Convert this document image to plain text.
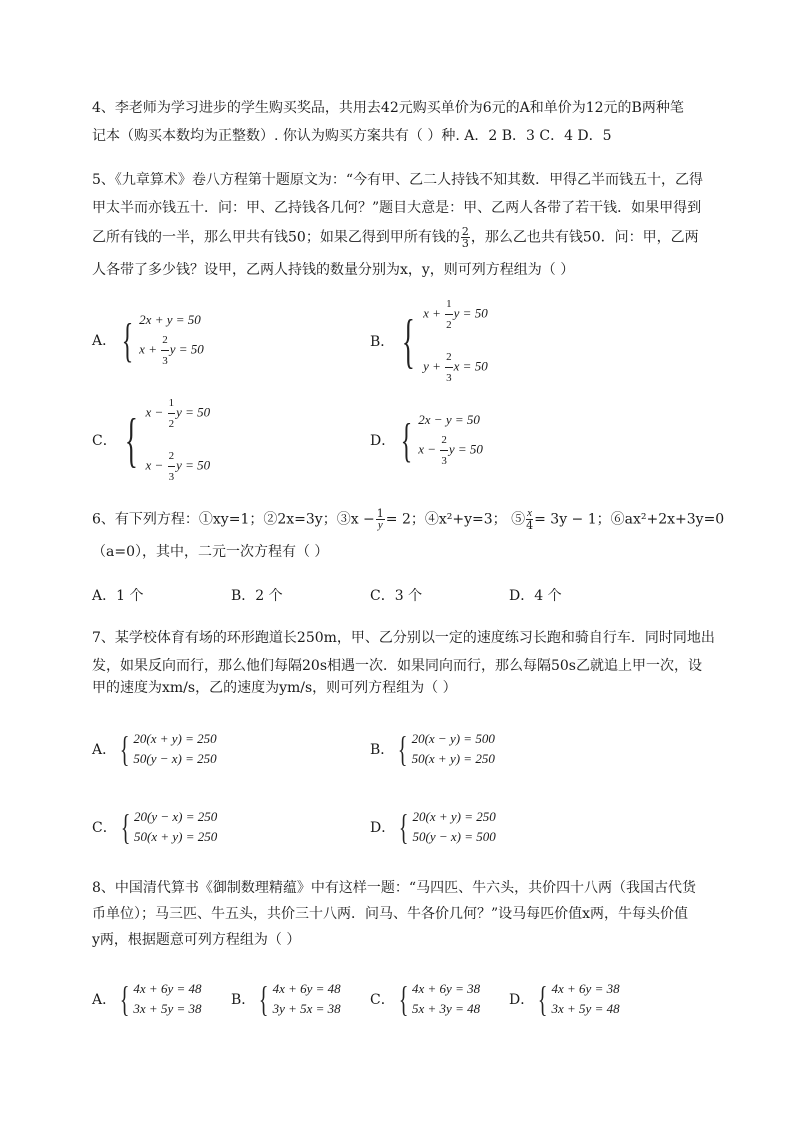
4、李老师为学习进步的学生购买奖品，共用去42元购买单价为6元的A和单价为12元的B两种笔
记本（购买本数均为正整数）. 你认为购买方案共有（ ）种. A．2 B．3 C．4 D．5
5、《九章算术》卷八方程第十题原文为：“今有甲、乙二人持钱不知其数．甲得乙半而钱五十，乙得
甲太半而亦钱五十．问：甲、乙持钱各几何？”题目大意是：甲、乙两人各带了若干钱．如果甲得到
乙所有钱的一半，那么甲共有钱50；如果乙得到甲所有钱的 $\frac{2}{3}$ ，那么乙也共有钱50．问：甲，乙两
人各带了多少钱？设甲，乙两人持钱的数量分别为x，y，则可列方程组为（ ）
A． { 2x + y = 50
$x + \frac{2}{3}$ y = 50	B． { $x + \frac{1}{2}$ y = 50
$y + \frac{2}{3}$ x = 50
C． { $x - \frac{1}{2}$ y = 50
$x - \frac{2}{3}$ y = 50
D． { 2x − y = 50
$x - \frac{2}{3}$ y = 50
6、有下列方程：①xy=1；②2x=3y；③x − $\frac{1}{y} = 2$；④x²+y=3； ⑤ $\frac{x}{4} = 3y - 1$；⑥ax²+2x+3y=0
（a=0），其中，二元一次方程有（ ）
A．1 个	B．2 个	C．3 个	D．4 个
7、某学校体育有场的环形跑道长250m，甲、乙分别以一定的速度练习长跑和骑自行车．同时同地出
发，如果反向而行，那么他们每隔20s相遇一次．如果同向而行，那么每隔50s乙就追上甲一次，设
甲的速度为xm/s，乙的速度为ym/s，则可列方程组为（ ）
A． { 20(x + y) = 250
50(y − x) = 250
B． { 20(x − y) = 500
50(x + y) = 250
C． { 20(y − x) = 250
50(x + y) = 250
D． { 20(x + y) = 250
50(y − x) = 500
8、中国清代算书《御制数理精蕴》中有这样一题：“马四匹、牛六头，共价四十八两（我国古代货
币单位）；马三匹、牛五头，共价三十八两．问马、牛各价几何？”设马每匹价值x两，牛每头价值
y两，根据题意可列方程组为（ ）
A． { 4x + 6y = 48
3x + 5y = 38
B． { 4x + 6y = 48
3y + 5x = 38
C． { 4x + 6y = 38
5x + 3y = 48
D． { 4x + 6y = 38
3x + 5y = 48
